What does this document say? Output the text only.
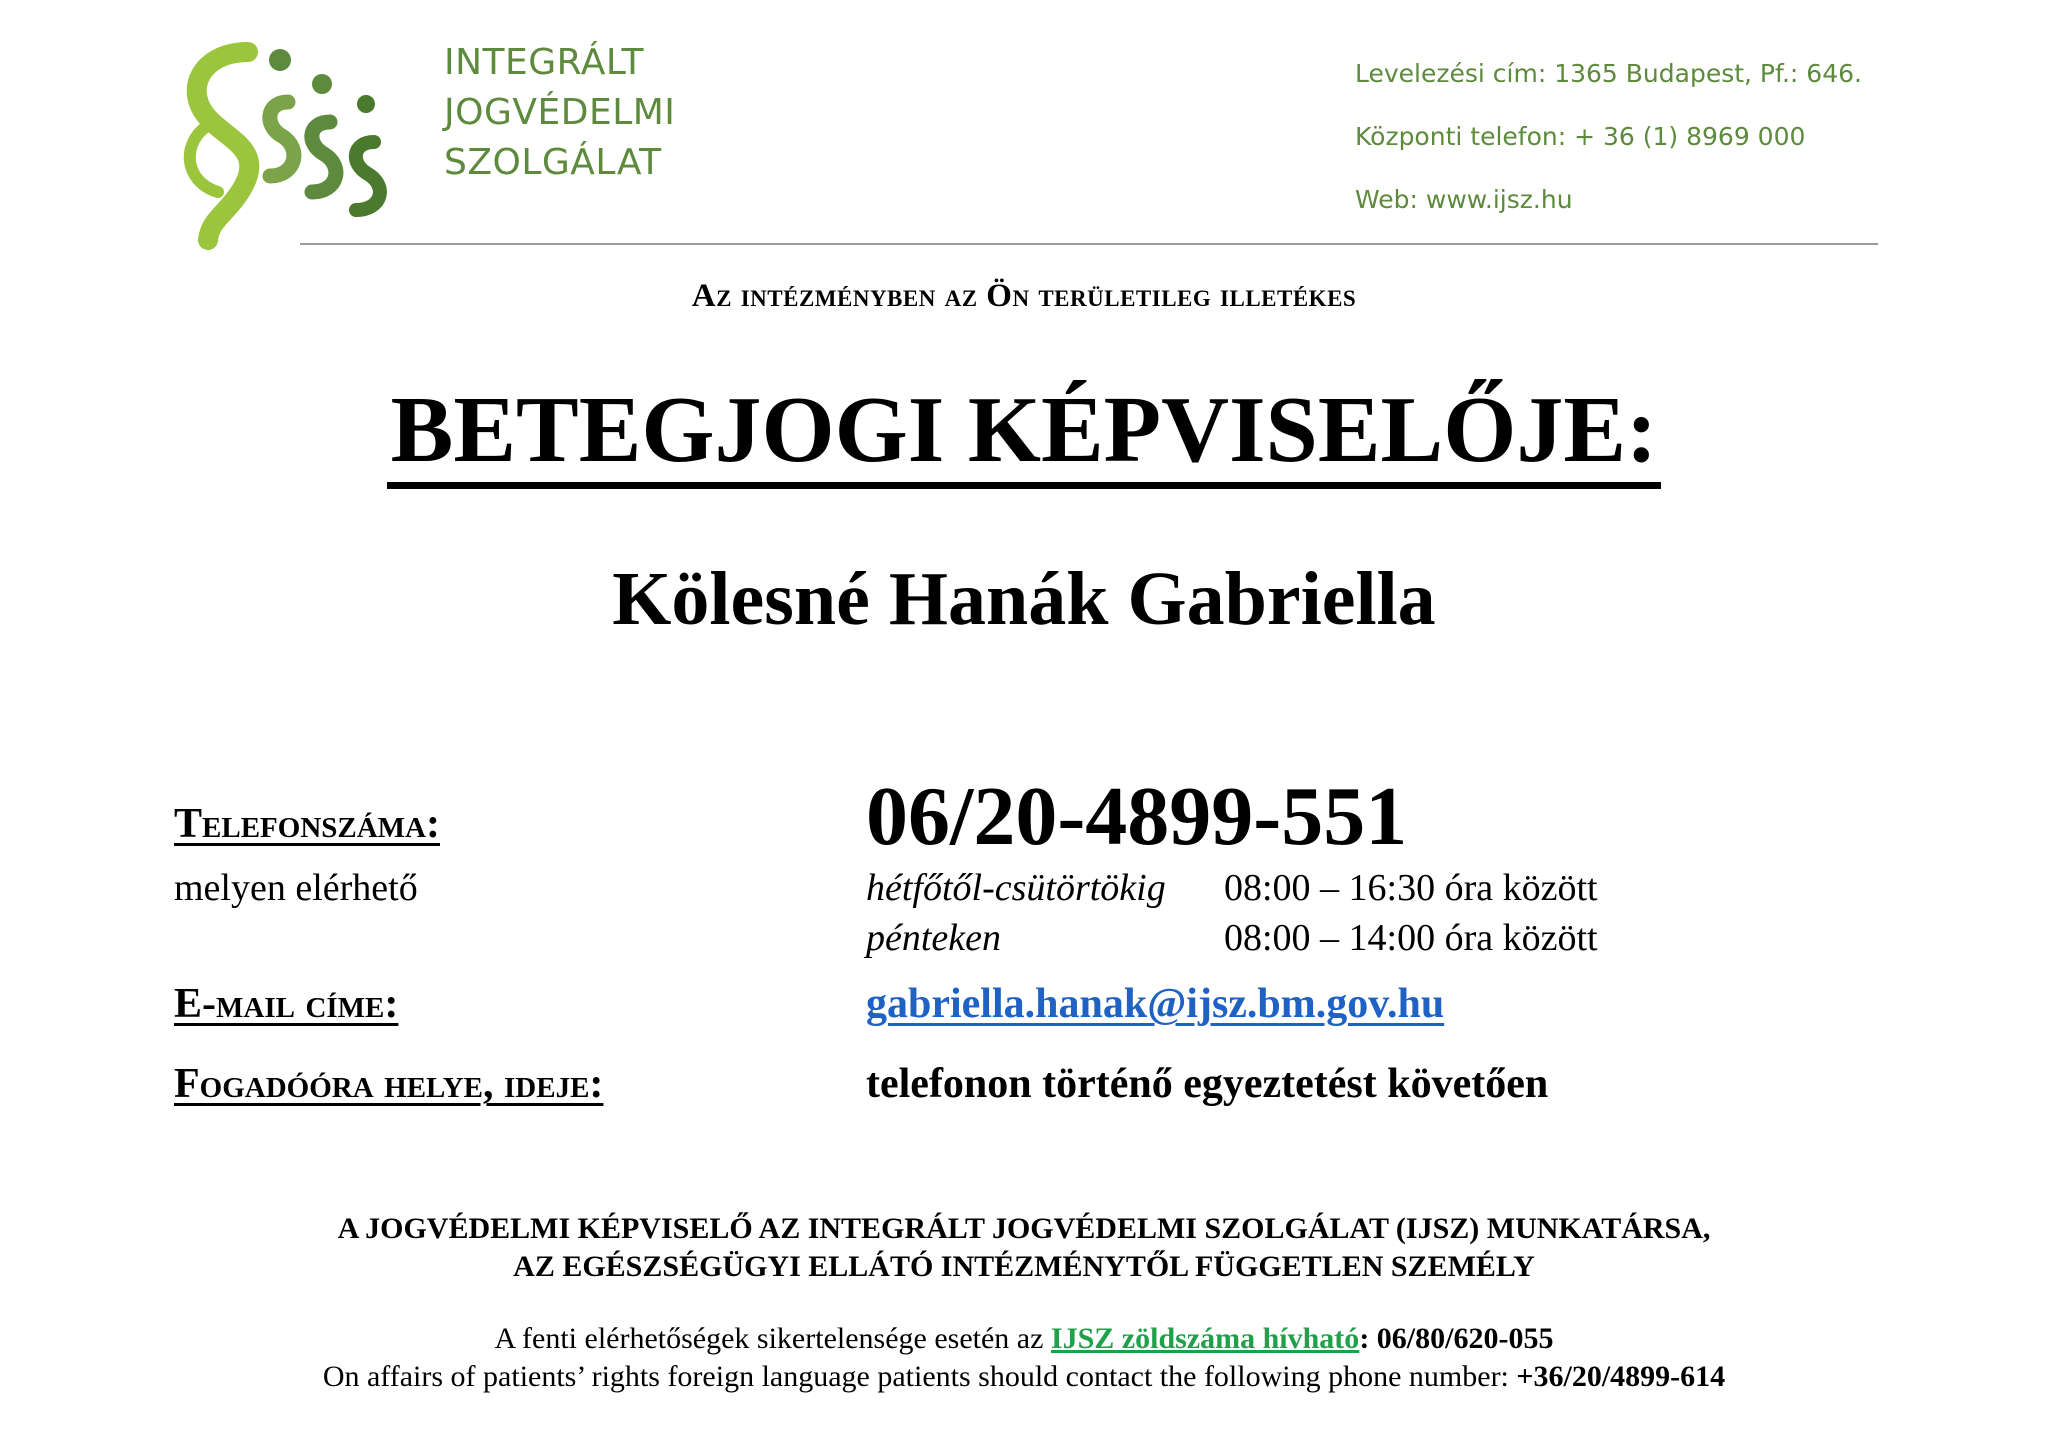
INTEGRÁLT
JOGVÉDELMI
SZOLGÁLAT
Levelezési cím: 1365 Budapest, Pf.: 646.
Központi telefon: + 36 (1) 8969 000
Web: www.ijsz.hu
Az intézményben az Ön területileg illetékes
BETEGJOGI KÉPVISELŐJE:
Kölesné Hanák Gabriella
Telefonszáma:	06/20-4899-551
melyen elérhető	hétfőtől-csütörtökig 08:00 – 16:30 óra között
pénteken	08:00 – 14:00 óra között
E-mail címe:	gabriella.hanak@ijsz.bm.gov.hu
Fogadóóra helye, ideje:	telefonon történő egyeztetést követően
A JOGVÉDELMI KÉPVISELŐ AZ INTEGRÁLT JOGVÉDELMI SZOLGÁLAT (IJSZ) MUNKATÁRSA,
AZ EGÉSZSÉGÜGYI ELLÁTÓ INTÉZMÉNYTŐL FÜGGETLEN SZEMÉLY
A fenti elérhetőségek sikertelensége esetén az IJSZ zöldszáma hívható: 06/80/620-055
On affairs of patients’ rights foreign language patients should contact the following phone number: +36/20/4899-614
